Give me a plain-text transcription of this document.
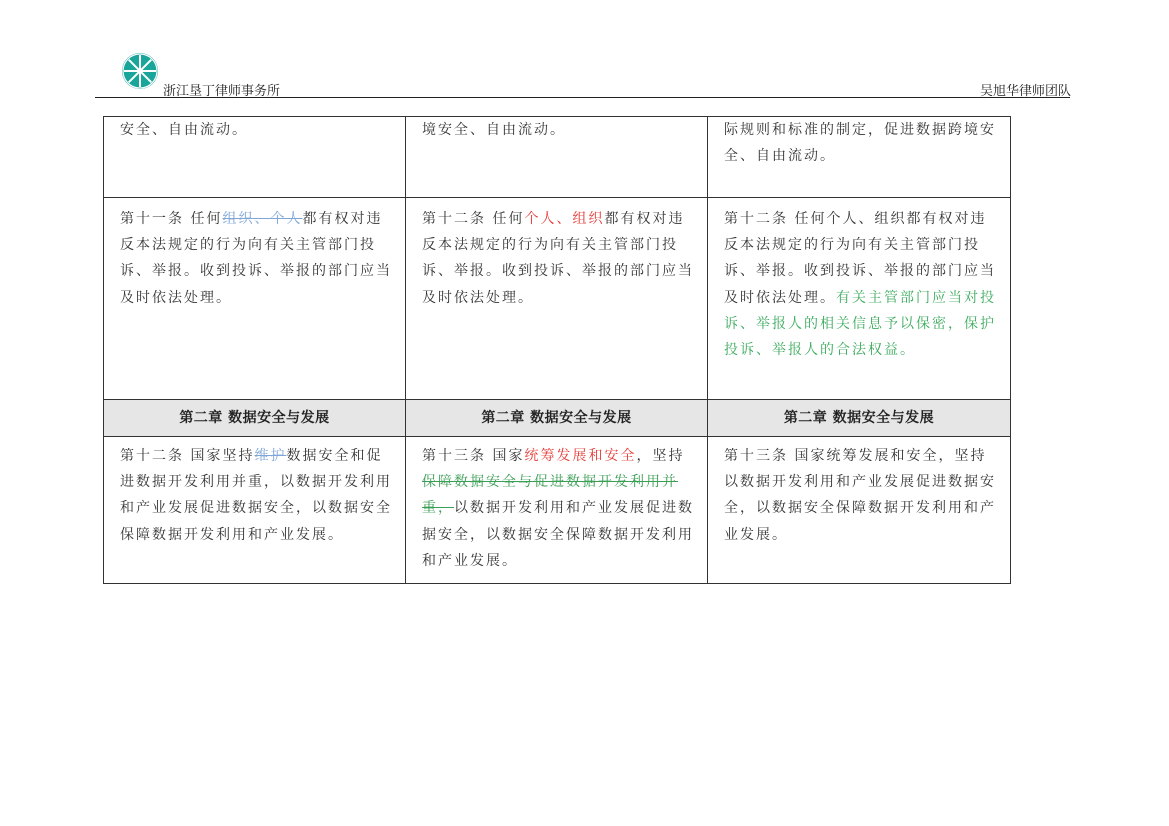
浙江垦丁律师事务所	吴旭华律师团队
安全、自由流动。	境安全、自由流动。	际规则和标准的制定，促进数据跨境安全、自由流动。
第十一条 任何组织、个人都有权对违反本法规定的行为向有关主管部门投诉、举报。收到投诉、举报的部门应当及时依法处理。	第十二条 任何个人、组织都有权对违反本法规定的行为向有关主管部门投诉、举报。收到投诉、举报的部门应当及时依法处理。	第十二条 任何个人、组织都有权对违反本法规定的行为向有关主管部门投诉、举报。收到投诉、举报的部门应当及时依法处理。有关主管部门应当对投诉、举报人的相关信息予以保密，保护投诉、举报人的合法权益。
第二章 数据安全与发展	第二章 数据安全与发展	第二章 数据安全与发展
第十二条 国家坚持维护数据安全和促进数据开发利用并重，以数据开发利用和产业发展促进数据安全，以数据安全保障数据开发利用和产业发展。	第十三条 国家统筹发展和安全，坚持保障数据安全与促进数据开发利用并重，以数据开发利用和产业发展促进数据安全，以数据安全保障数据开发利用和产业发展。	第十三条 国家统筹发展和安全，坚持以数据开发利用和产业发展促进数据安全，以数据安全保障数据开发利用和产业发展。
